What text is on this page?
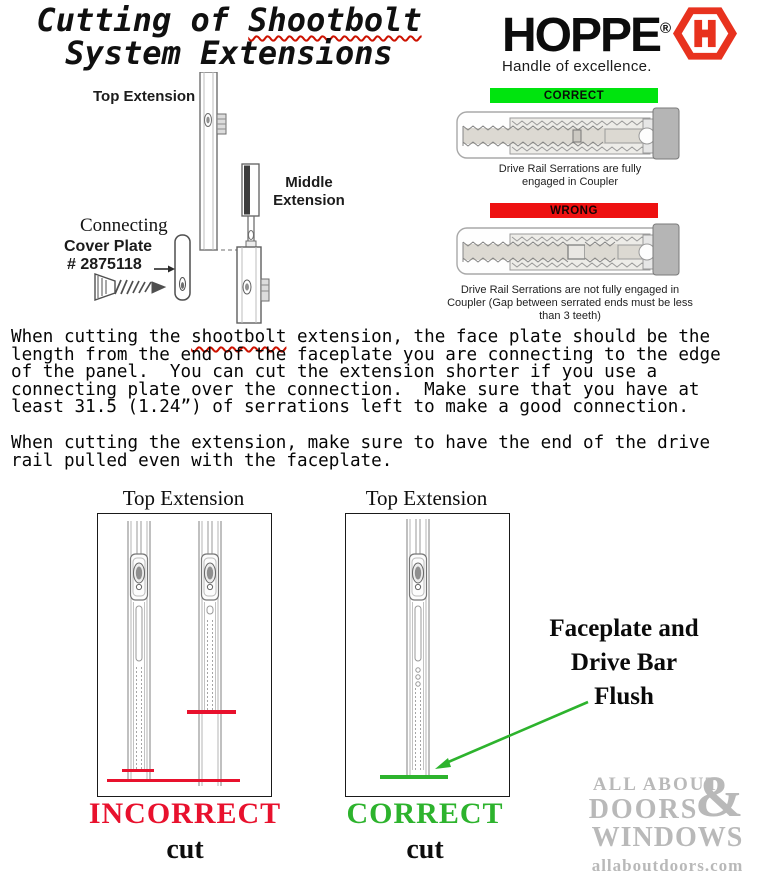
Cutting of Shootbolt
System Extensions	HOPPE®
Handle of excellence.
Top Extension
Middle
Extension
Connecting
Cover Plate
# 2875118
CORRECT
Drive Rail Serrations are fully
engaged in Coupler
WRONG
Drive Rail Serrations are not fully engaged in
Coupler (Gap between serrated ends must be less
than 3 teeth)
When cutting the shootbolt extension, the face plate should be the
length from the end of the faceplate you are connecting to the edge
of the panel.  You can cut the extension shorter if you use a
connecting plate over the connection.  Make sure that you have at
least 31.5 (1.24”) of serrations left to make a good connection.
When cutting the extension, make sure to have the end of the drive
rail pulled even with the faceplate.
Top Extension	Top Extension
Faceplate and
Drive Bar
Flush
INCORRECT
cut
CORRECT
cut
ALL ABOUT
DOORS
&
WINDOWS
allaboutdoors.com
